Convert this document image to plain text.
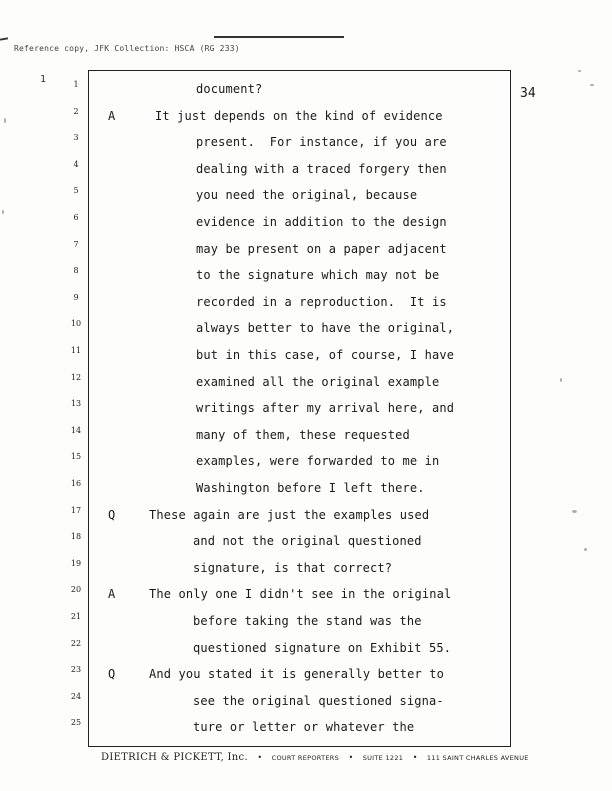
Reference copy, JFK Collection: HSCA (RG 233)
1
34
1	document?
2	A	It just depends on the kind of evidence
3	present.  For instance, if you are
4	dealing with a traced forgery then
5	you need the original, because
6	evidence in addition to the design
7	may be present on a paper adjacent
8	to the signature which may not be
9	recorded in a reproduction.  It is
10	always better to have the original,
11	but in this case, of course, I have
12	examined all the original example
13	writings after my arrival here, and
14	many of them, these requested
15	examples, were forwarded to me in
16	Washington before I left there.
17	Q	These again are just the examples used
18	and not the original questioned
19	signature, is that correct?
20	A	The only one I didn't see in the original
21	before taking the stand was the
22	questioned signature on Exhibit 55.
23	Q	And you stated it is generally better to
24	see the original questioned signa-
25	ture or letter or whatever the
DIETRICH & PICKETT, Inc. • COURT REPORTERS • SUITE 1221 • 111 SAINT CHARLES AVENUE
